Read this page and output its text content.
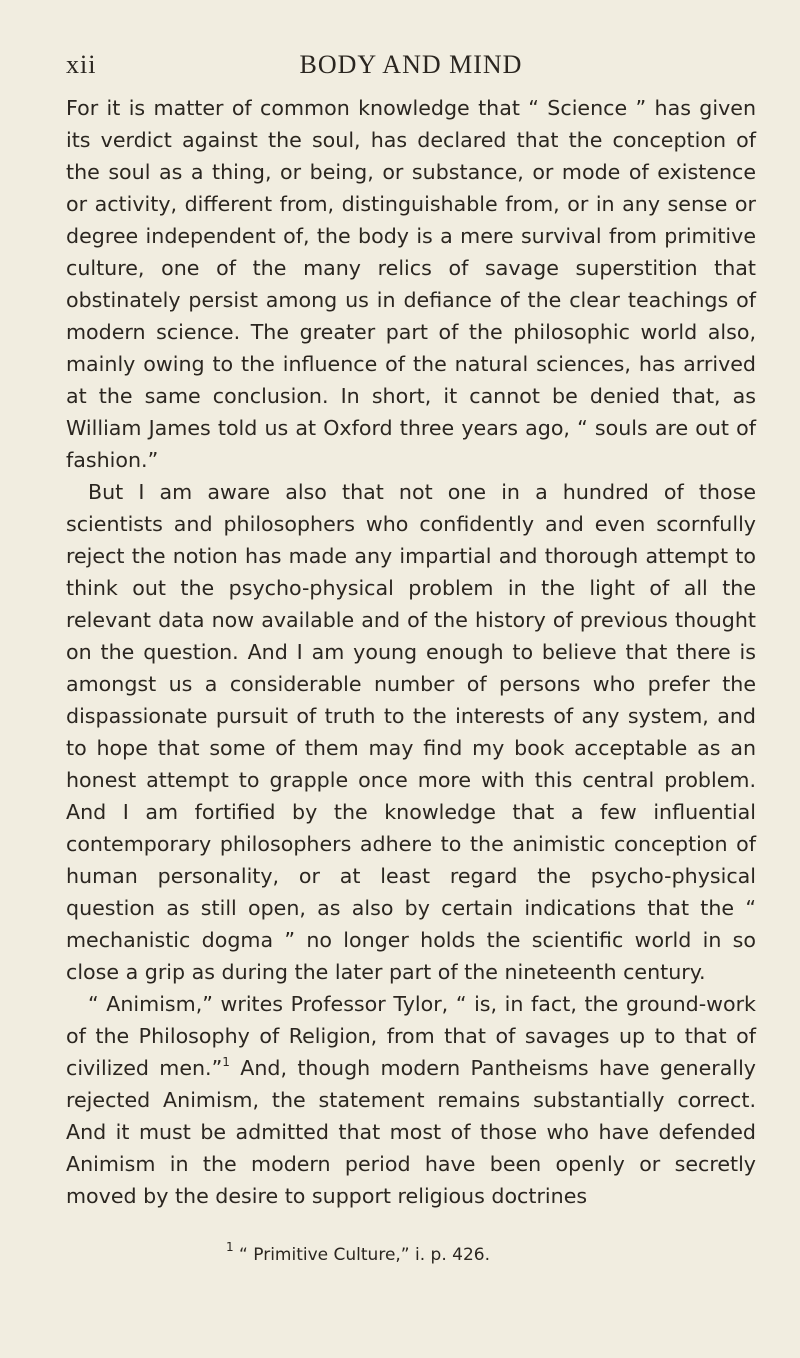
xii	BODY AND MIND

For it is matter of common knowledge that “ Science ” has given its verdict against the soul, has declared that the conception of the soul as a thing, or being, or substance, or mode of existence or activity, different from, distinguishable from, or in any sense or degree independent of, the body is a mere survival from primitive culture, one of the many relics of savage superstition that obstinately persist among us in defiance of the clear teachings of modern science. The greater part of the philosophic world also, mainly owing to the influence of the natural sciences, has arrived at the same conclusion. In short, it cannot be denied that, as William James told us at Oxford three years ago, “ souls are out of fashion.”

But I am aware also that not one in a hundred of those scientists and philosophers who confidently and even scornfully reject the notion has made any impartial and thorough attempt to think out the psycho-physical problem in the light of all the relevant data now available and of the history of previous thought on the question. And I am young enough to believe that there is amongst us a considerable number of persons who prefer the dispassionate pursuit of truth to the interests of any system, and to hope that some of them may find my book acceptable as an honest attempt to grapple once more with this central problem. And I am fortified by the knowledge that a few influential contemporary philosophers adhere to the animistic conception of human personality, or at least regard the psycho-physical question as still open, as also by certain indications that the “ mechanistic dogma ” no longer holds the scientific world in so close a grip as during the later part of the nineteenth century.

“ Animism,” writes Professor Tylor, “ is, in fact, the ground-work of the Philosophy of Religion, from that of savages up to that of civilized men.”$^1$ And, though modern Pantheisms have generally rejected Animism, the statement remains substantially correct. And it must be admitted that most of those who have defended Animism in the modern period have been openly or secretly moved by the desire to support religious doctrines

$^1$ “ Primitive Culture,” i. p. 426.
